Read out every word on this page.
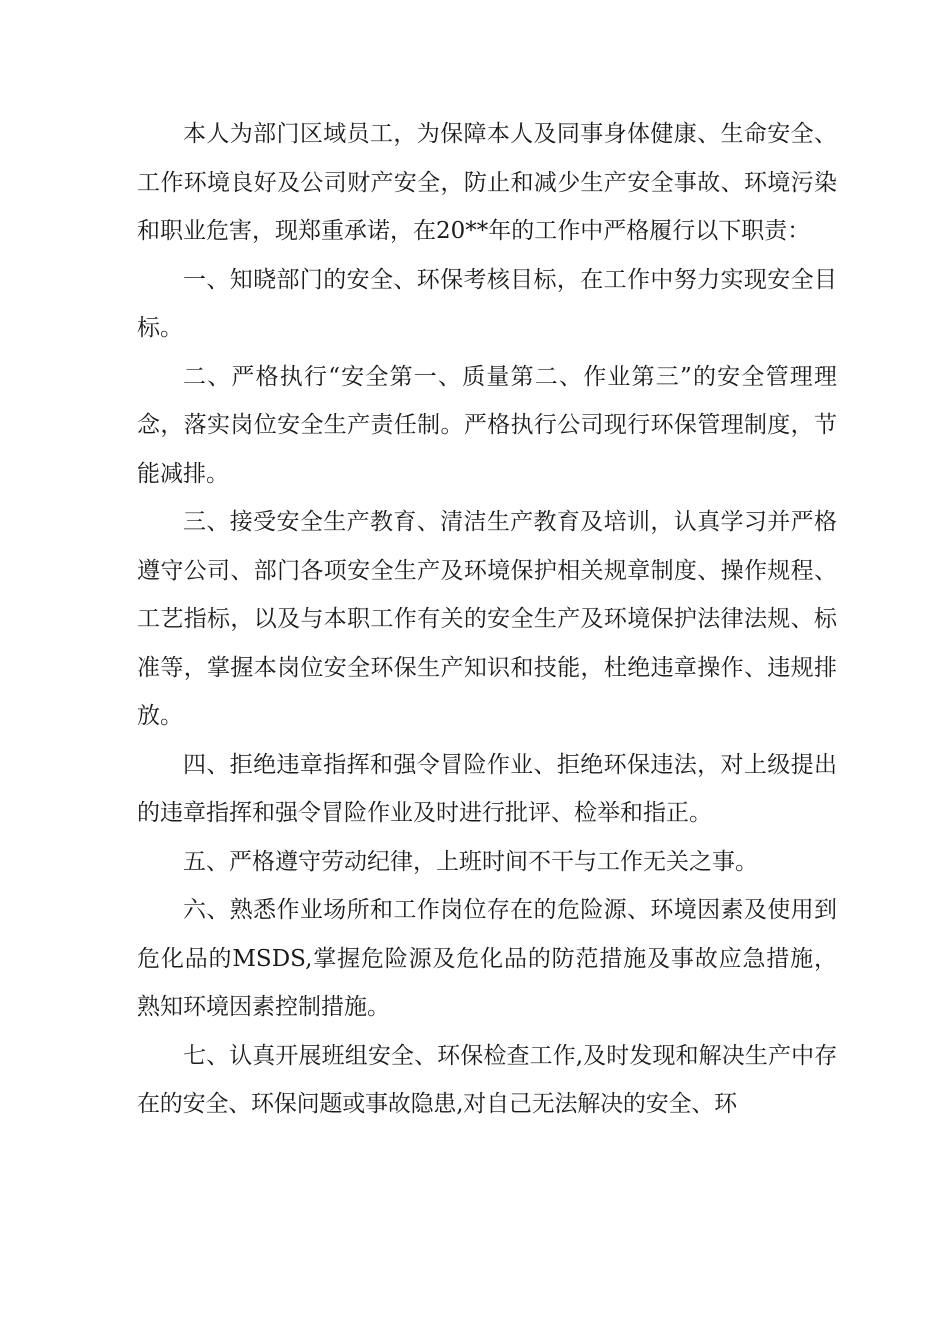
本人为部门区域员工，为保障本人及同事身体健康、生命安全、工作环境良好及公司财产安全，防止和减少生产安全事故、环境污染和职业危害，现郑重承诺，在20**年的工作中严格履行以下职责：

一、知晓部门的安全、环保考核目标，在工作中努力实现安全目标。

二、严格执行“安全第一、质量第二、作业第三”的安全管理理念，落实岗位安全生产责任制。严格执行公司现行环保管理制度，节能减排。

三、接受安全生产教育、清洁生产教育及培训，认真学习并严格遵守公司、部门各项安全生产及环境保护相关规章制度、操作规程、工艺指标，以及与本职工作有关的安全生产及环境保护法律法规、标准等，掌握本岗位安全环保生产知识和技能，杜绝违章操作、违规排放。

四、拒绝违章指挥和强令冒险作业、拒绝环保违法，对上级提出的违章指挥和强令冒险作业及时进行批评、检举和指正。

五、严格遵守劳动纪律，上班时间不干与工作无关之事。

六、熟悉作业场所和工作岗位存在的危险源、环境因素及使用到危化品的MSDS,掌握危险源及危化品的防范措施及事故应急措施，熟知环境因素控制措施。

七、认真开展班组安全、环保检查工作,及时发现和解决生产中存在的安全、环保问题或事故隐患,对自己无法解决的安全、环
